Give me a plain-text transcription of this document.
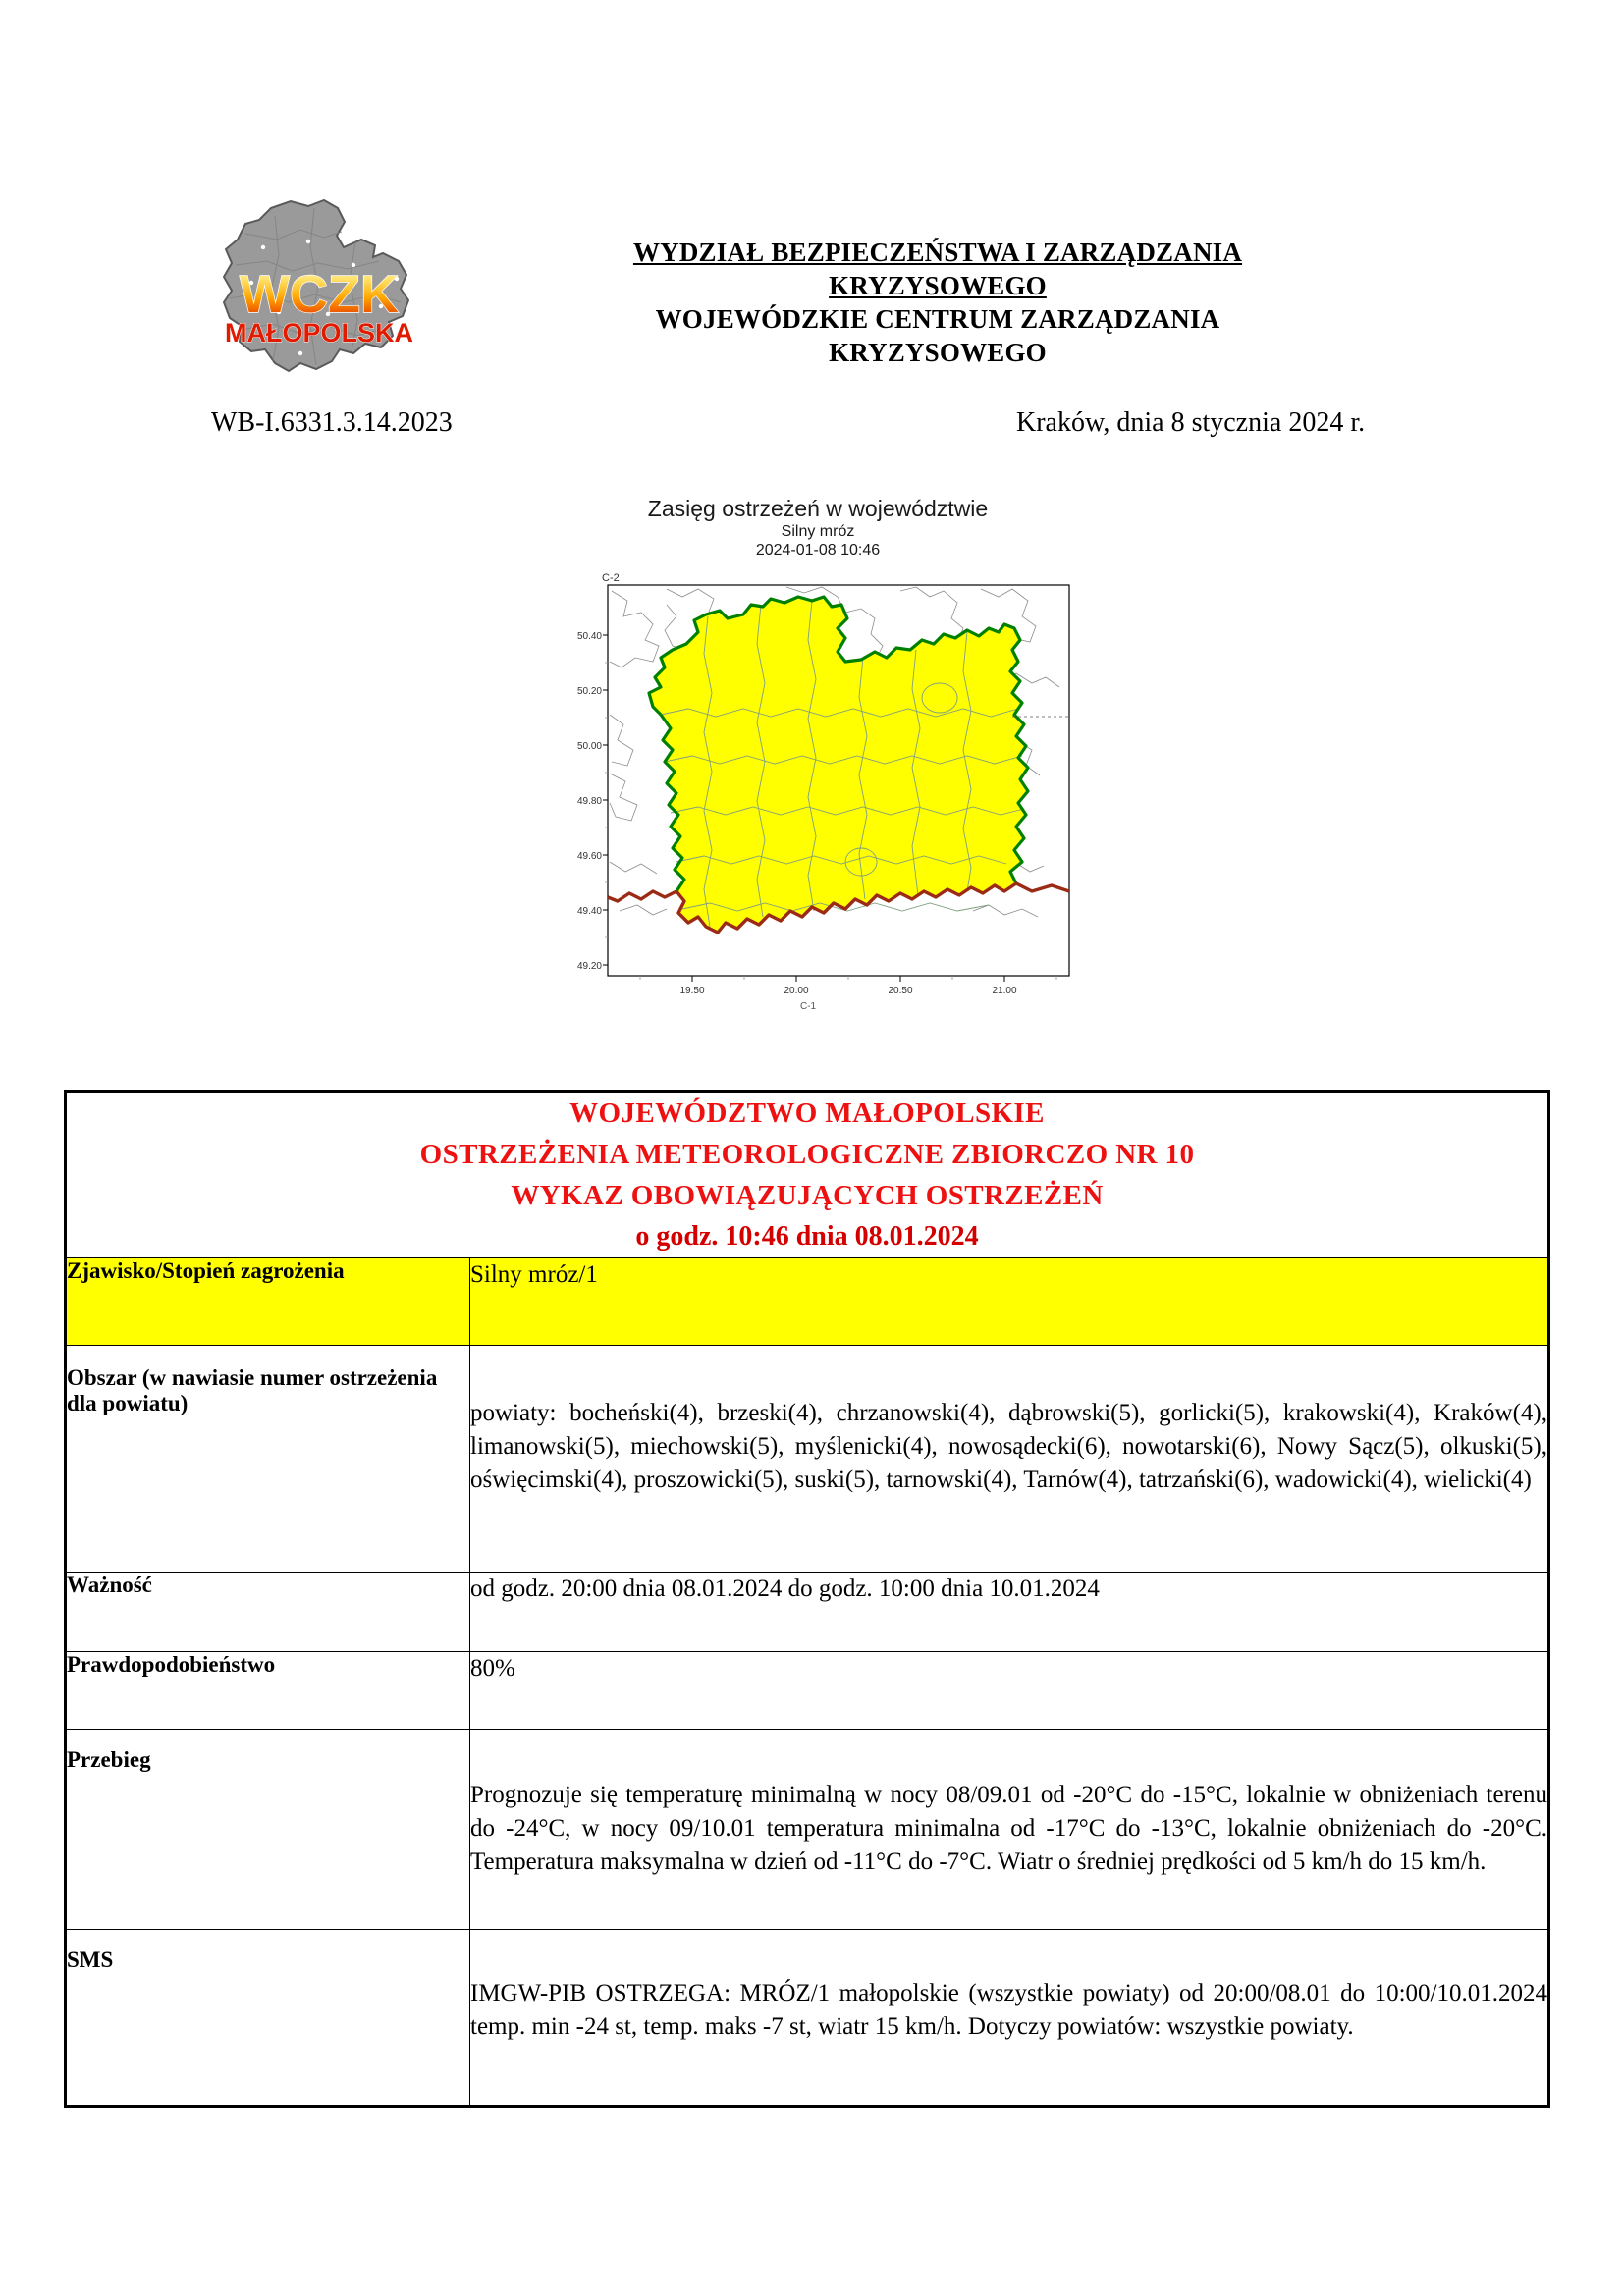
WCZK
MAŁOPOLSKA
WYDZIAŁ BEZPIECZEŃSTWA I ZARZĄDZANIA
KRYZYSOWEGO
WOJEWÓDZKIE CENTRUM ZARZĄDZANIA
KRYZYSOWEGO
WB-I.6331.3.14.2023	Kraków, dnia 8 stycznia 2024 r.
Zasięg ostrzeżeń w województwie
Silny mróz
2024-01-08 10:46
C-2
50.40
50.20
50.00
49.80
49.60
49.40
49.20
19.50	20.00	20.50	21.00
C-1
WOJEWÓDZTWO MAŁOPOLSKIE
OSTRZEŻENIA METEOROLOGICZNE ZBIORCZO NR 10
WYKAZ OBOWIĄZUJĄCYCH OSTRZEŻEŃ
o godz. 10:46 dnia 08.01.2024	

Zjawisko/Stopień zagrożenia	Silny mróz/1
Obszar (w nawiasie numer ostrzeżenia dla powiatu)	powiaty: bocheński(4), brzeski(4), chrzanowski(4), dąbrowski(5), gorlicki(5), krakowski(4), Kraków(4), limanowski(5), miechowski(5), myślenicki(4), nowosądecki(6), nowotarski(6), Nowy Sącz(5), olkuski(5), oświęcimski(4), proszowicki(5), suski(5), tarnowski(4), Tarnów(4), tatrzański(6), wadowicki(4), wielicki(4)
Ważność	od godz. 20:00 dnia 08.01.2024 do godz. 10:00 dnia 10.01.2024
Prawdopodobieństwo	80%
Przebieg	Prognozuje się temperaturę minimalną w nocy 08/09.01 od -20°C do -15°C, lokalnie w obniżeniach terenu do -24°C, w nocy 09/10.01 temperatura minimalna od -17°C do -13°C, lokalnie obniżeniach do -20°C. Temperatura maksymalna w dzień od -11°C do -7°C. Wiatr o średniej prędkości od 5 km/h do 15 km/h.
SMS	IMGW-PIB OSTRZEGA: MRÓZ/1 małopolskie (wszystkie powiaty) od 20:00/08.01 do 10:00/10.01.2024 temp. min -24 st, temp. maks -7 st, wiatr 15 km/h. Dotyczy powiatów: wszystkie powiaty.
